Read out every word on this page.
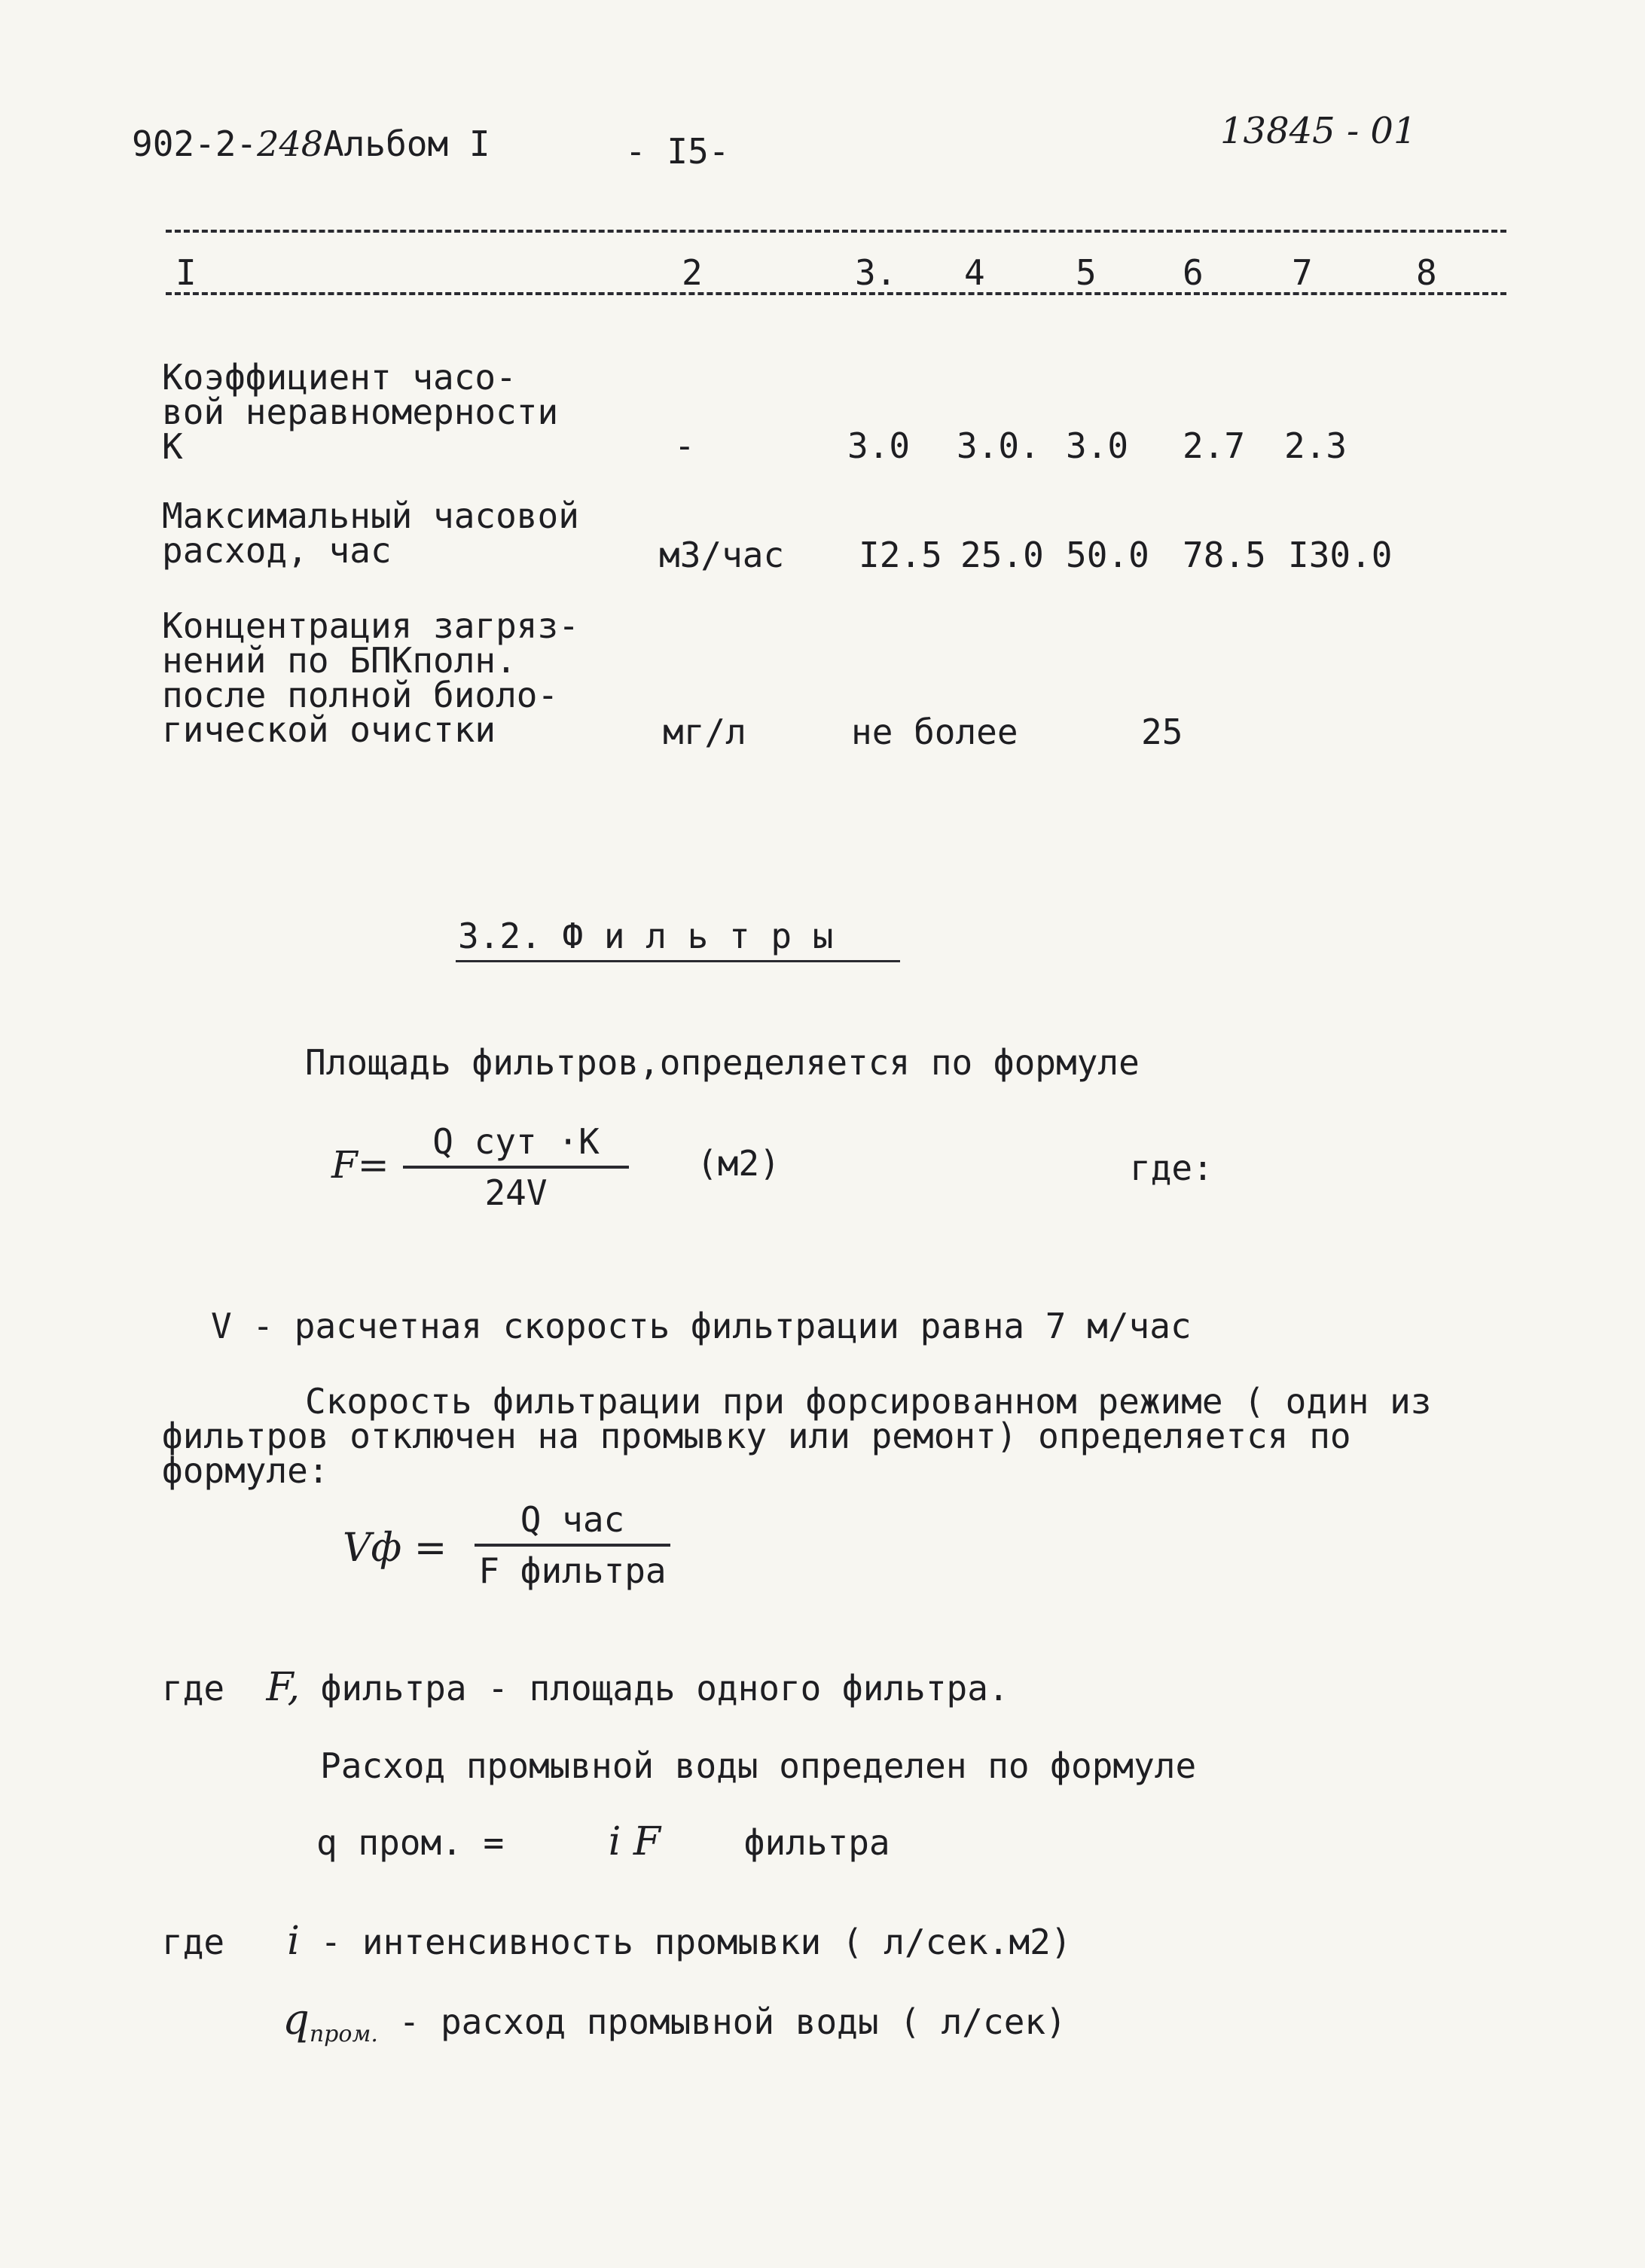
902-2-248Альбом I	- I5-	13845 - 01
I	2	3. 4	5 6	7	8
Коэффициент часо-
вой неравномерности
К	-	3.0 3.0. 3.0 2.7 2.3
Максимальный часовой
расход, час	м3/час I2.5 25.0 50.0 78.5 I30.0
Концентрация загряз-
нений по БПКполн.
после полной биоло-
гической очистки	мг/л	не более	25
3.2. Ф и л ь т р ы
Площадь фильтров,определяется по формуле
F=
Q сут ·К
24V
(м2)	где:
V - расчетная скорость фильтрации равна 7 м/час
Скорость фильтрации при форсированном режиме ( один из
фильтров отключен на промывку или ремонт) определяется по
формуле:
Vф =
Q час
F фильтра
где F, фильтра - площадь одного фильтра.
Расход промывной воды определен по формуле
q пром. =	i F фильтра
где i - интенсивность промывки ( л/сек.м2)
$q_{пром.}$ - расход промывной воды ( л/сек)
